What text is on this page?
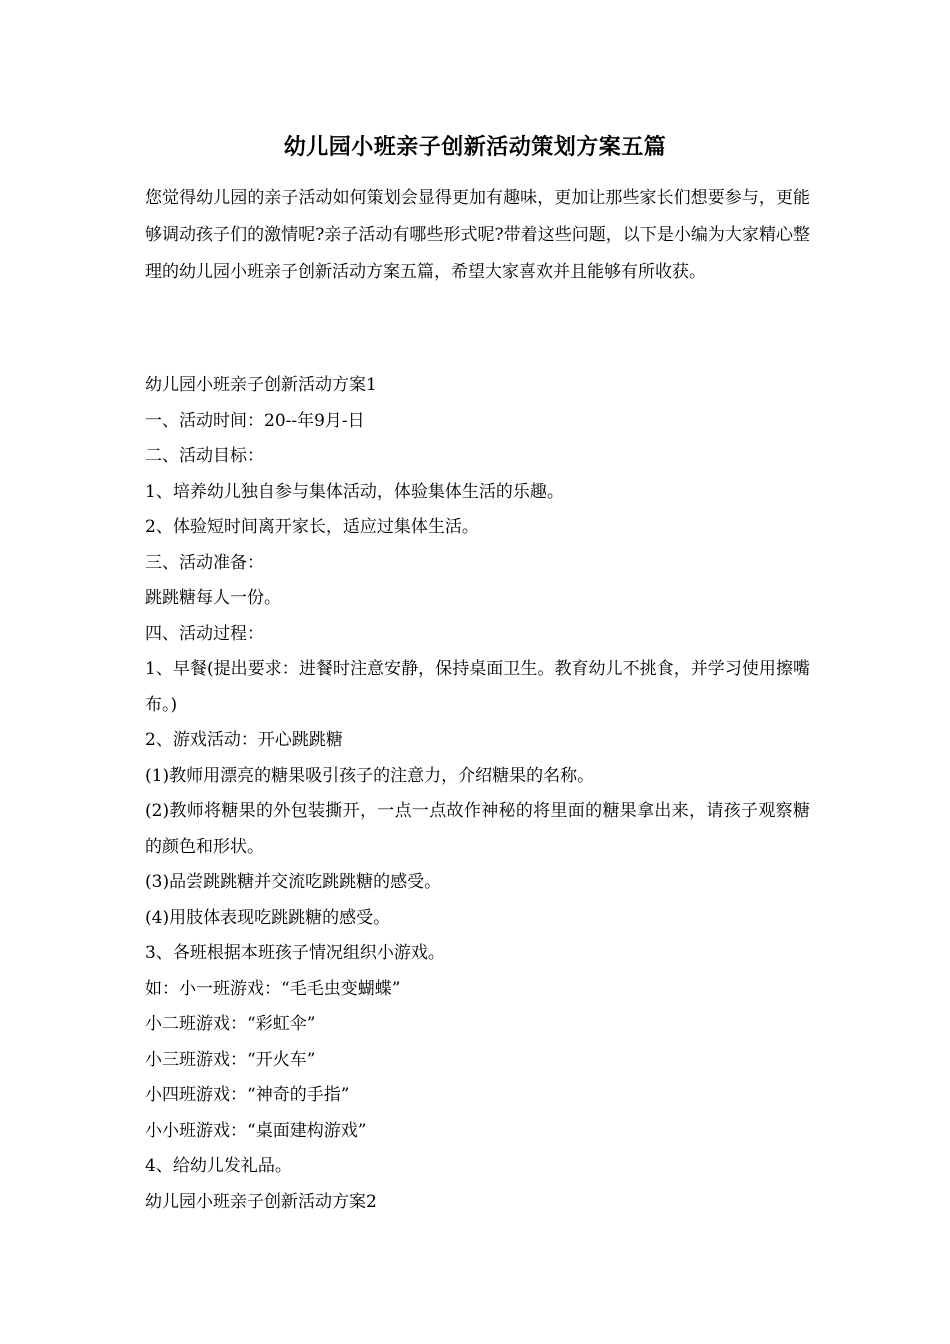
幼儿园小班亲子创新活动策划方案五篇
您觉得幼儿园的亲子活动如何策划会显得更加有趣味，更加让那些家长们想要参与，更能够调动孩子们的激情呢?亲子活动有哪些形式呢?带着这些问题，以下是小编为大家精心整理的幼儿园小班亲子创新活动方案五篇，希望大家喜欢并且能够有所收获。
幼儿园小班亲子创新活动方案1
一、活动时间：20--年9月-日
二、活动目标：
1、培养幼儿独自参与集体活动，体验集体生活的乐趣。
2、体验短时间离开家长，适应过集体生活。
三、活动准备：
跳跳糖每人一份。
四、活动过程：
1、早餐(提出要求：进餐时注意安静，保持桌面卫生。教育幼儿不挑食，并学习使用擦嘴布。)
2、游戏活动：开心跳跳糖
(1)教师用漂亮的糖果吸引孩子的注意力，介绍糖果的名称。
(2)教师将糖果的外包装撕开，一点一点故作神秘的将里面的糖果拿出来，请孩子观察糖的颜色和形状。
(3)品尝跳跳糖并交流吃跳跳糖的感受。
(4)用肢体表现吃跳跳糖的感受。
3、各班根据本班孩子情况组织小游戏。
如：小一班游戏：“毛毛虫变蝴蝶”
小二班游戏：“彩虹伞”
小三班游戏：“开火车”
小四班游戏：“神奇的手指”
小小班游戏：“桌面建构游戏”
4、给幼儿发礼品。
幼儿园小班亲子创新活动方案2
